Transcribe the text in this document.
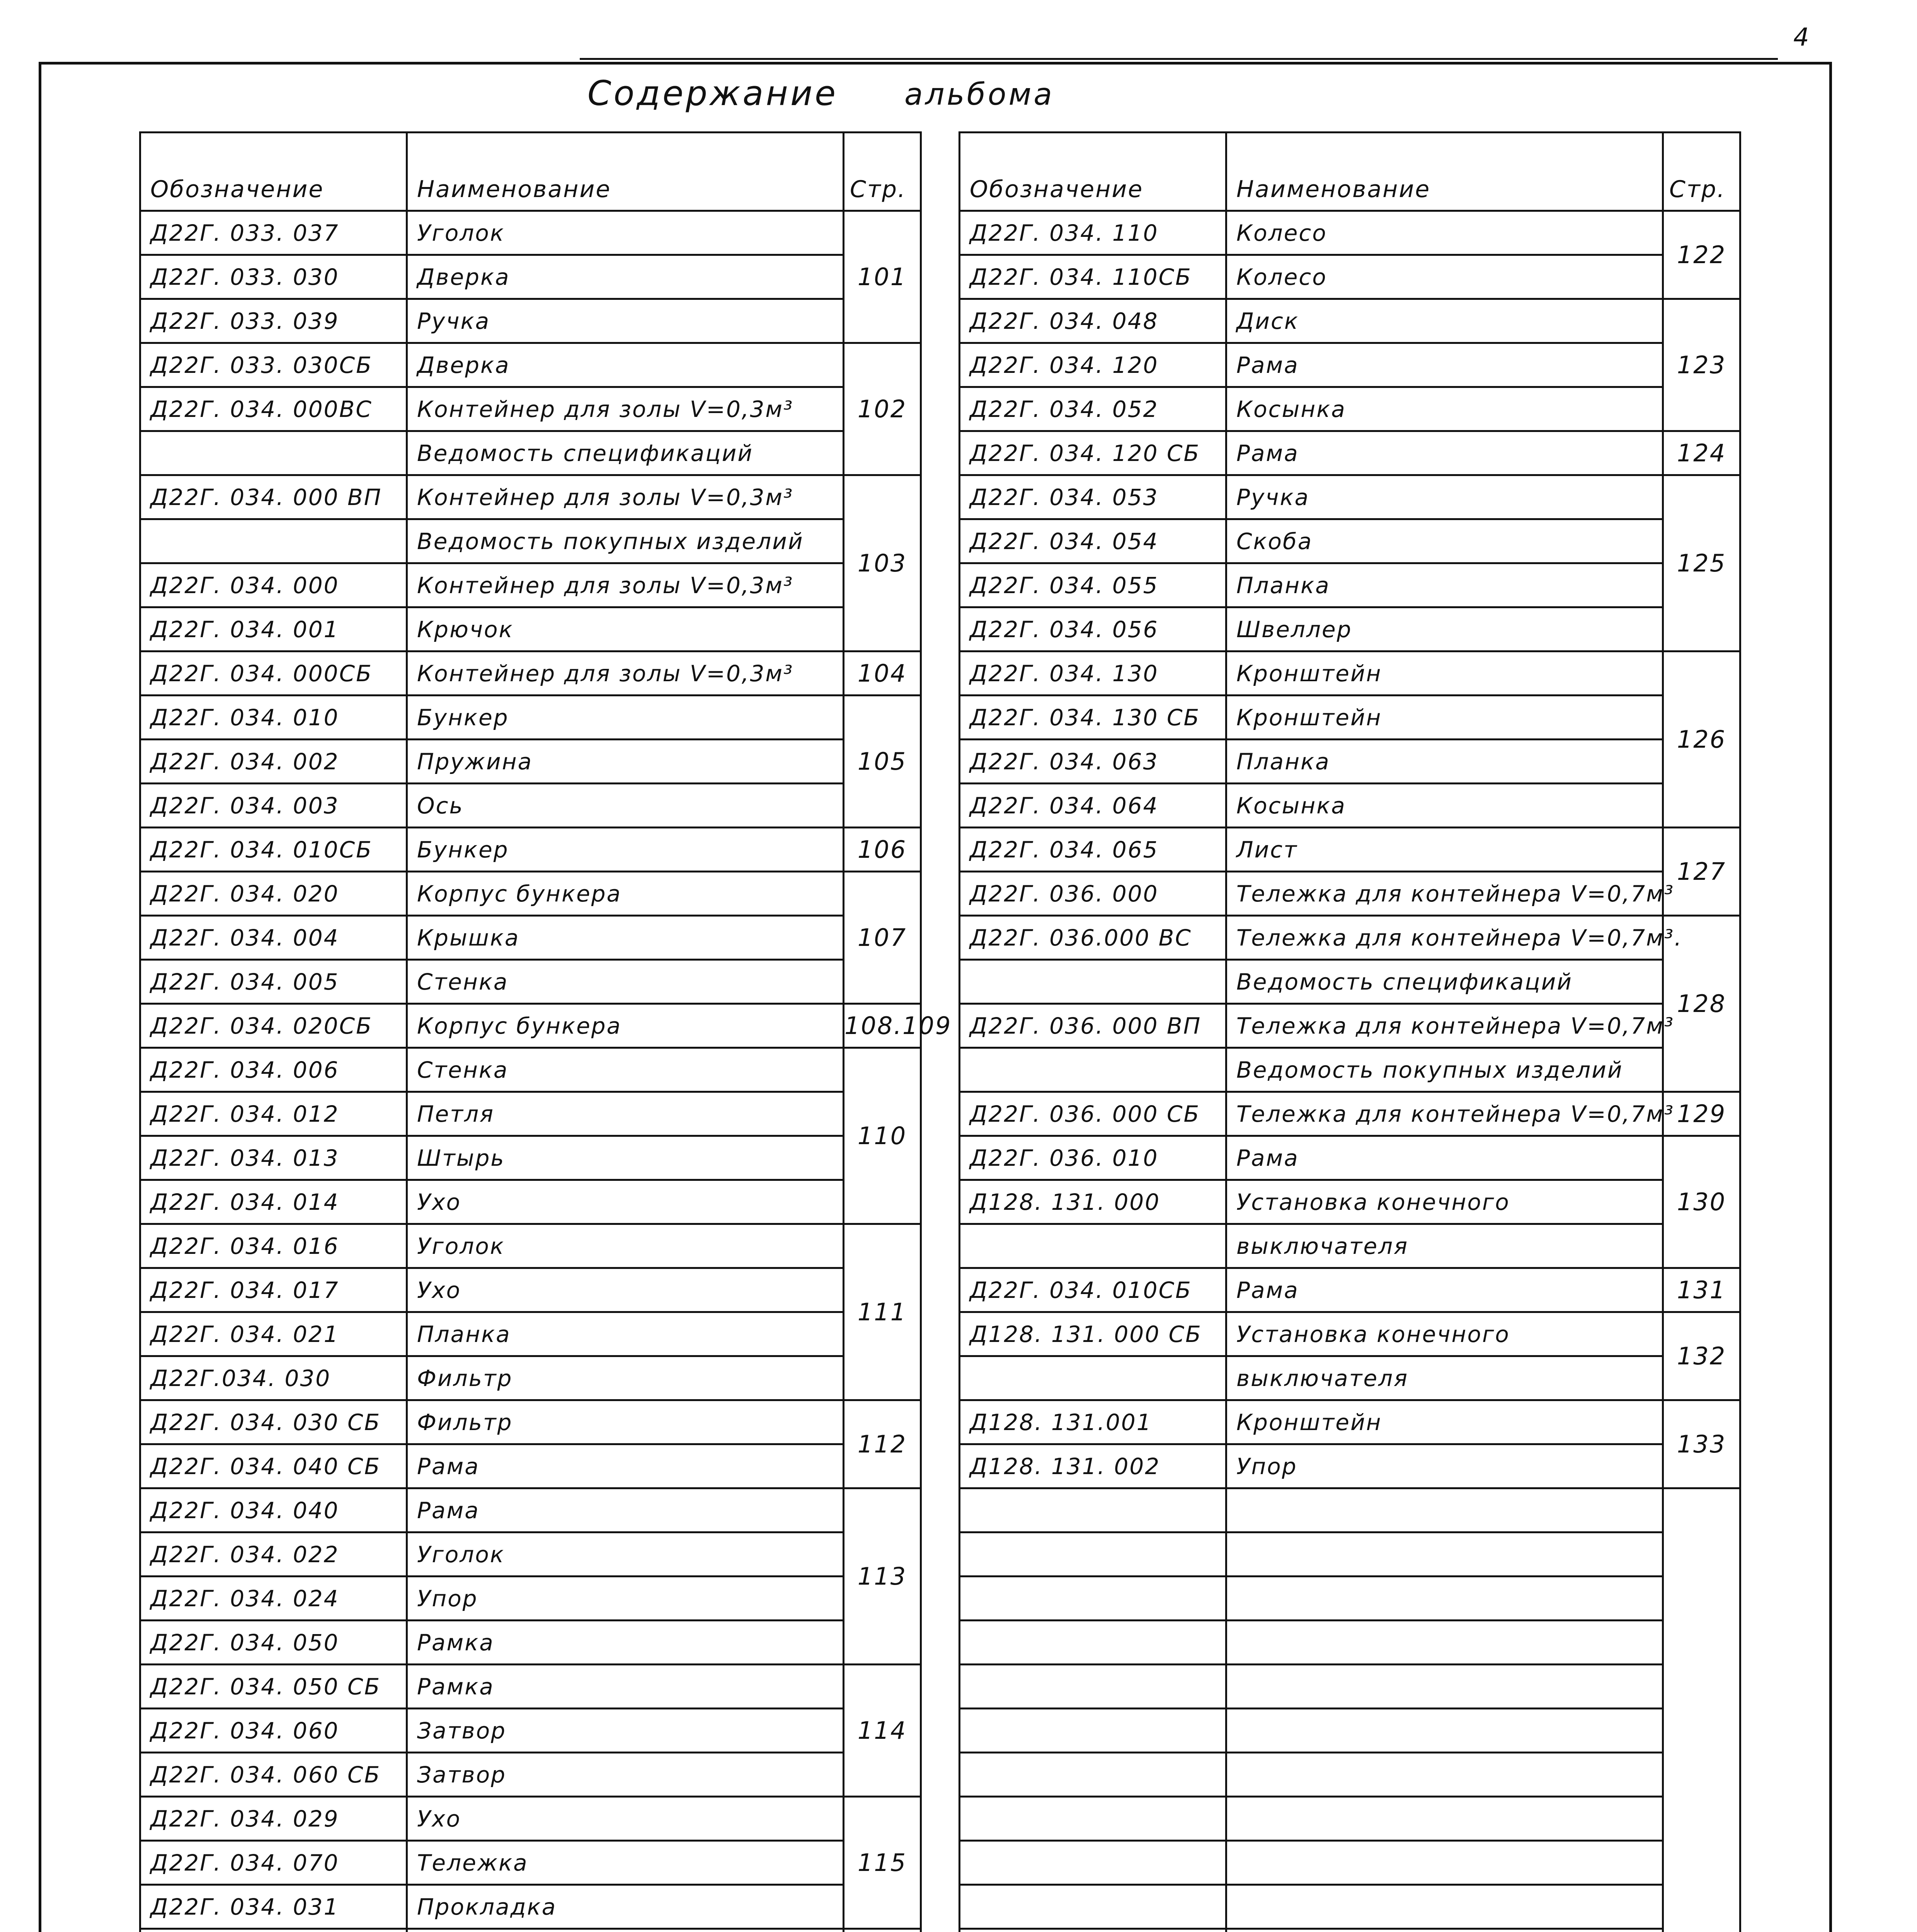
4
Содержание альбома
Обозначение	Наименование	Стр.	
Д22Г. 033. 037	Уголок	101	
Д22Г. 033. 030	Дверка		
Д22Г. 033. 039	Ручка		
Д22Г. 033. 030СБ	Дверка	102	
Д22Г. 034. 000ВС	Контейнер для золы V=0,3м³		
	Ведомость спецификаций		
Д22Г. 034. 000 ВП	Контейнер для золы V=0,3м³	103	
	Ведомость покупных изделий		
Д22Г. 034. 000	Контейнер для золы V=0,3м³		
Д22Г. 034. 001	Крючок		
Д22Г. 034. 000СБ	Контейнер для золы V=0,3м³	104	
Д22Г. 034. 010	Бункер	105	
Д22Г. 034. 002	Пружина		
Д22Г. 034. 003	Ось		
Д22Г. 034. 010СБ	Бункер	106	
Д22Г. 034. 020	Корпус бункера	107	
Д22Г. 034. 004	Крышка		
Д22Г. 034. 005	Стенка		
Д22Г. 034. 020СБ	Корпус бункера	108.109	
Д22Г. 034. 006	Стенка	110	
Д22Г. 034. 012	Петля		
Д22Г. 034. 013	Штырь		
Д22Г. 034. 014	Ухо		
Д22Г. 034. 016	Уголок	111	
Д22Г. 034. 017	Ухо		
Д22Г. 034. 021	Планка		
Д22Г.034. 030	Фильтр		
Д22Г. 034. 030 СБ	Фильтр	112	
Д22Г. 034. 040 СБ	Рама		
Д22Г. 034. 040	Рама	113	
Д22Г. 034. 022	Уголок		
Д22Г. 034. 024	Упор		
Д22Г. 034. 050	Рамка		
Д22Г. 034. 050 СБ	Рамка	114	
Д22Г. 034. 060	Затвор		
Д22Г. 034. 060 СБ	Затвор		
Д22Г. 034. 029	Ухо	115	
Д22Г. 034. 070	Тележка		
Д22Г. 034. 031	Прокладка		

Обозначение	Наименование	Стр.
Д22Г. 034. 110	Колесо	122
Д22Г. 034. 110СБ	Колесо	
Д22Г. 034. 048	Диск	123
Д22Г. 034. 120	Рама	
Д22Г. 034. 052	Косынка	
Д22Г. 034. 120 СБ	Рама	124
Д22Г. 034. 053	Ручка	125
Д22Г. 034. 054	Скоба	
Д22Г. 034. 055	Планка	
Д22Г. 034. 056	Швеллер	
Д22Г. 034. 130	Кронштейн	126
Д22Г. 034. 130 СБ	Кронштейн	
Д22Г. 034. 063	Планка	
Д22Г. 034. 064	Косынка	
Д22Г. 034. 065	Лист	127
Д22Г. 036. 000	Тележка для контейнера V=0,7м³	
Д22Г. 036.000 ВС	Тележка для контейнера V=0,7м³.	128
	Ведомость спецификаций	
Д22Г. 036. 000 ВП	Тележка для контейнера V=0,7м³	
	Ведомость покупных изделий	
Д22Г. 036. 000 СБ	Тележка для контейнера V=0,7м³	129
Д22Г. 036. 010	Рама	130
Д128. 131. 000	Установка конечного	
	выключателя	
Д22Г. 034. 010СБ	Рама	131
Д128. 131. 000 СБ	Установка конечного	132
	выключателя	
Д128. 131.001	Кронштейн	133
Д128. 131. 002	Упор	
